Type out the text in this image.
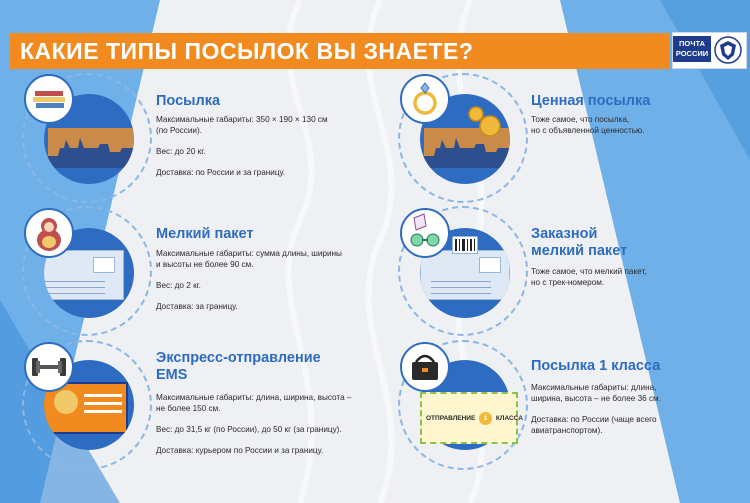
КАКИЕ ТИПЫ ПОСЫЛОК ВЫ ЗНАЕТЕ?	ПОЧТА
РОССИИ
Посылка

Максимальные габариты: 350 × 190 × 130 см

(по России).

Вес: до 20 кг.

Доставка: по России и за границу.

Мелкий пакет

Максимальные габариты: сумма длины, ширины

и высоты не более 90 см.

Вес: до 2 кг.

Доставка: за границу.

Экспресс-отправление
EMS

Максимальные габариты: длина, ширина, высота –

не более 150 см.

Вес: до 31,5 кг (по России), до 50 кг (за границу).

Доставка: курьером по России и за границу.

Ценная посылка

Тоже самое, что посылка,

но с объявленной ценностью.

Заказной
мелкий пакет

Тоже самое, что мелкий пакет,

но с трек-номером.

ОТПРАВЛЕНИЕ 1 КЛАССА
Посылка 1 класса

Максимальные габариты: длина,

ширина, высота – не более 36 см.

Доставка: по России (чаще всего

авиатранспортом).
